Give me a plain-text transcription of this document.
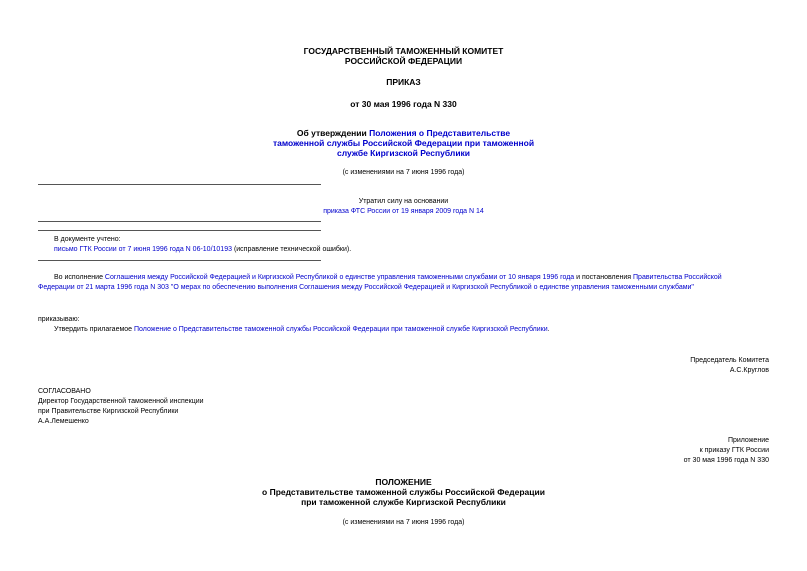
ГОСУДАРСТВЕННЫЙ ТАМОЖЕННЫЙ КОМИТЕТ
РОССИЙСКОЙ ФЕДЕРАЦИИ
ПРИКАЗ
от 30 мая 1996 года N 330
Об утверждении Положения о Представительстве
таможенной службы Российской Федерации при таможенной
службе Киргизской Республики
(с изменениями на 7 июня 1996 года)
Утратил силу на основании
приказа ФТС России от 19 января 2009 года N 14
В документе учтено:
письмо ГТК России от 7 июня 1996 года N 06-10/10193 (исправление технической ошибки).
Во исполнение Соглашения между Российской Федерацией и Киргизской Республикой о единстве управления таможенными службами от 10 января 1996 года и постановления Правительства Российской
Федерации от 21 марта 1996 года N 303 "О мерах по обеспечению выполнения Соглашения между Российской Федерацией и Киргизской Республикой о единстве управления таможенными службами"
приказываю:
Утвердить прилагаемое Положение о Представительстве таможенной службы Российской Федерации при таможенной службе Киргизской Республики.
Председатель Комитета
А.С.Круглов
СОГЛАСОВАНО
Директор Государственной таможенной инспекции
при Правительстве Киргизской Республики
А.А.Лемешенко
Приложение
к приказу ГТК России
от 30 мая 1996 года N 330
ПОЛОЖЕНИЕ
о Представительстве таможенной службы Российской Федерации
при таможенной службе Киргизской Республики
(с изменениями на 7 июня 1996 года)
